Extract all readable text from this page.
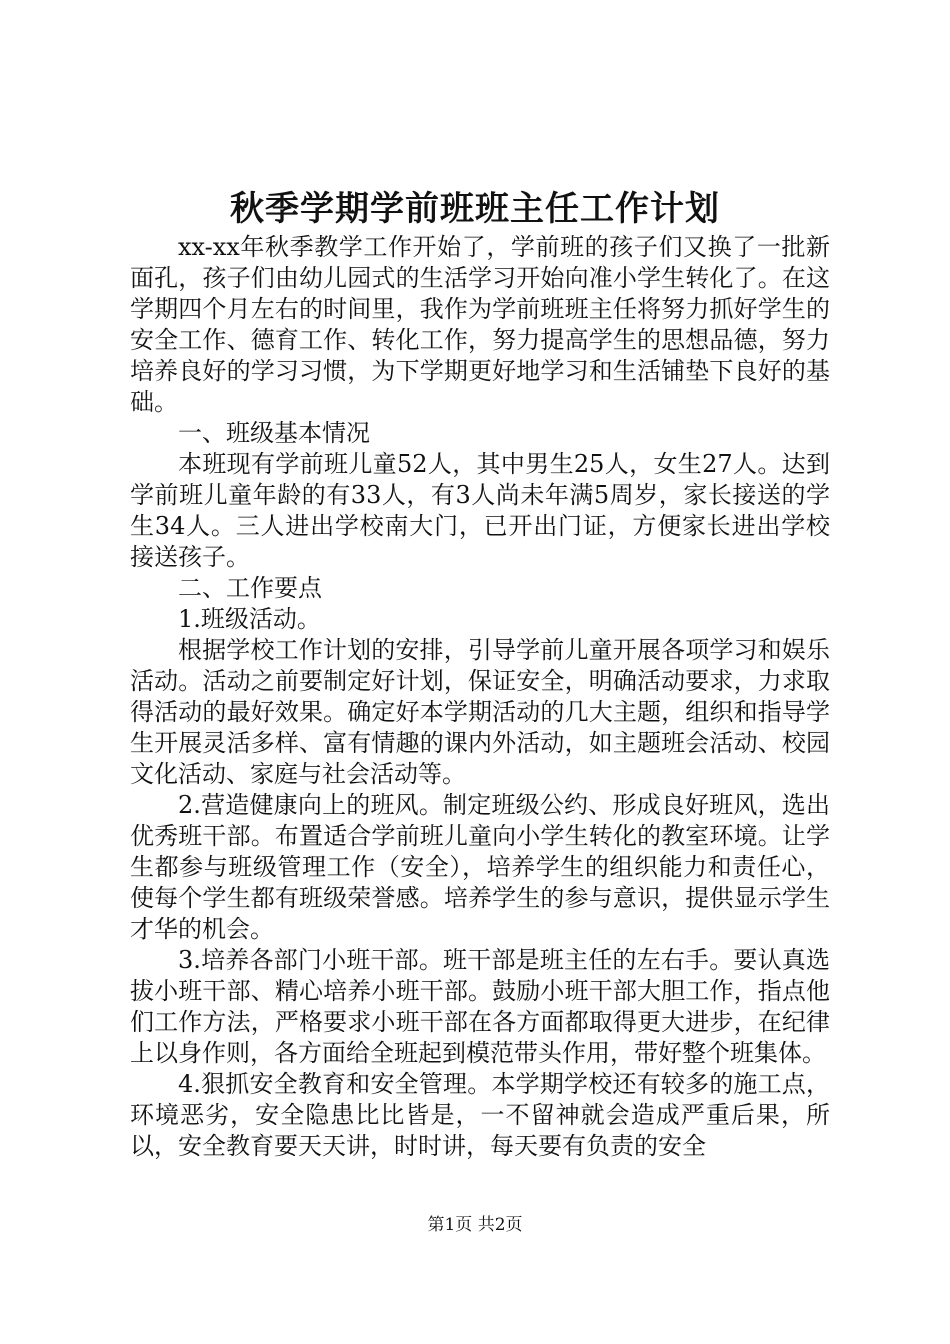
秋季学期学前班班主任工作计划

xx-xx年秋季教学工作开始了，学前班的孩子们又换了一批新面孔，孩子们由幼儿园式的生活学习开始向准小学生转化了。在这学期四个月左右的时间里，我作为学前班班主任将努力抓好学生的安全工作、德育工作、转化工作，努力提高学生的思想品德，努力培养良好的学习习惯，为下学期更好地学习和生活铺垫下良好的基础。

一、班级基本情况

本班现有学前班儿童52人，其中男生25人，女生27人。达到学前班儿童年龄的有33人，有3人尚未年满5周岁，家长接送的学生34人。三人进出学校南大门，已开出门证，方便家长进出学校接送孩子。

二、工作要点

1.班级活动。

根据学校工作计划的安排，引导学前儿童开展各项学习和娱乐活动。活动之前要制定好计划，保证安全，明确活动要求，力求取得活动的最好效果。确定好本学期活动的几大主题，组织和指导学生开展灵活多样、富有情趣的课内外活动，如主题班会活动、校园文化活动、家庭与社会活动等。

2.营造健康向上的班风。制定班级公约、形成良好班风，选出优秀班干部。布置适合学前班儿童向小学生转化的教室环境。让学生都参与班级管理工作（安全），培养学生的组织能力和责任心，使每个学生都有班级荣誉感。培养学生的参与意识，提供显示学生才华的机会。

3.培养各部门小班干部。班干部是班主任的左右手。要认真选拔小班干部、精心培养小班干部。鼓励小班干部大胆工作，指点他们工作方法，严格要求小班干部在各方面都取得更大进步，在纪律上以身作则，各方面给全班起到模范带头作用，带好整个班集体。

4.狠抓安全教育和安全管理。本学期学校还有较多的施工点，环境恶劣，安全隐患比比皆是，一不留神就会造成严重后果，所以，安全教育要天天讲，时时讲，每天要有负责的安全

第1页 共2页
